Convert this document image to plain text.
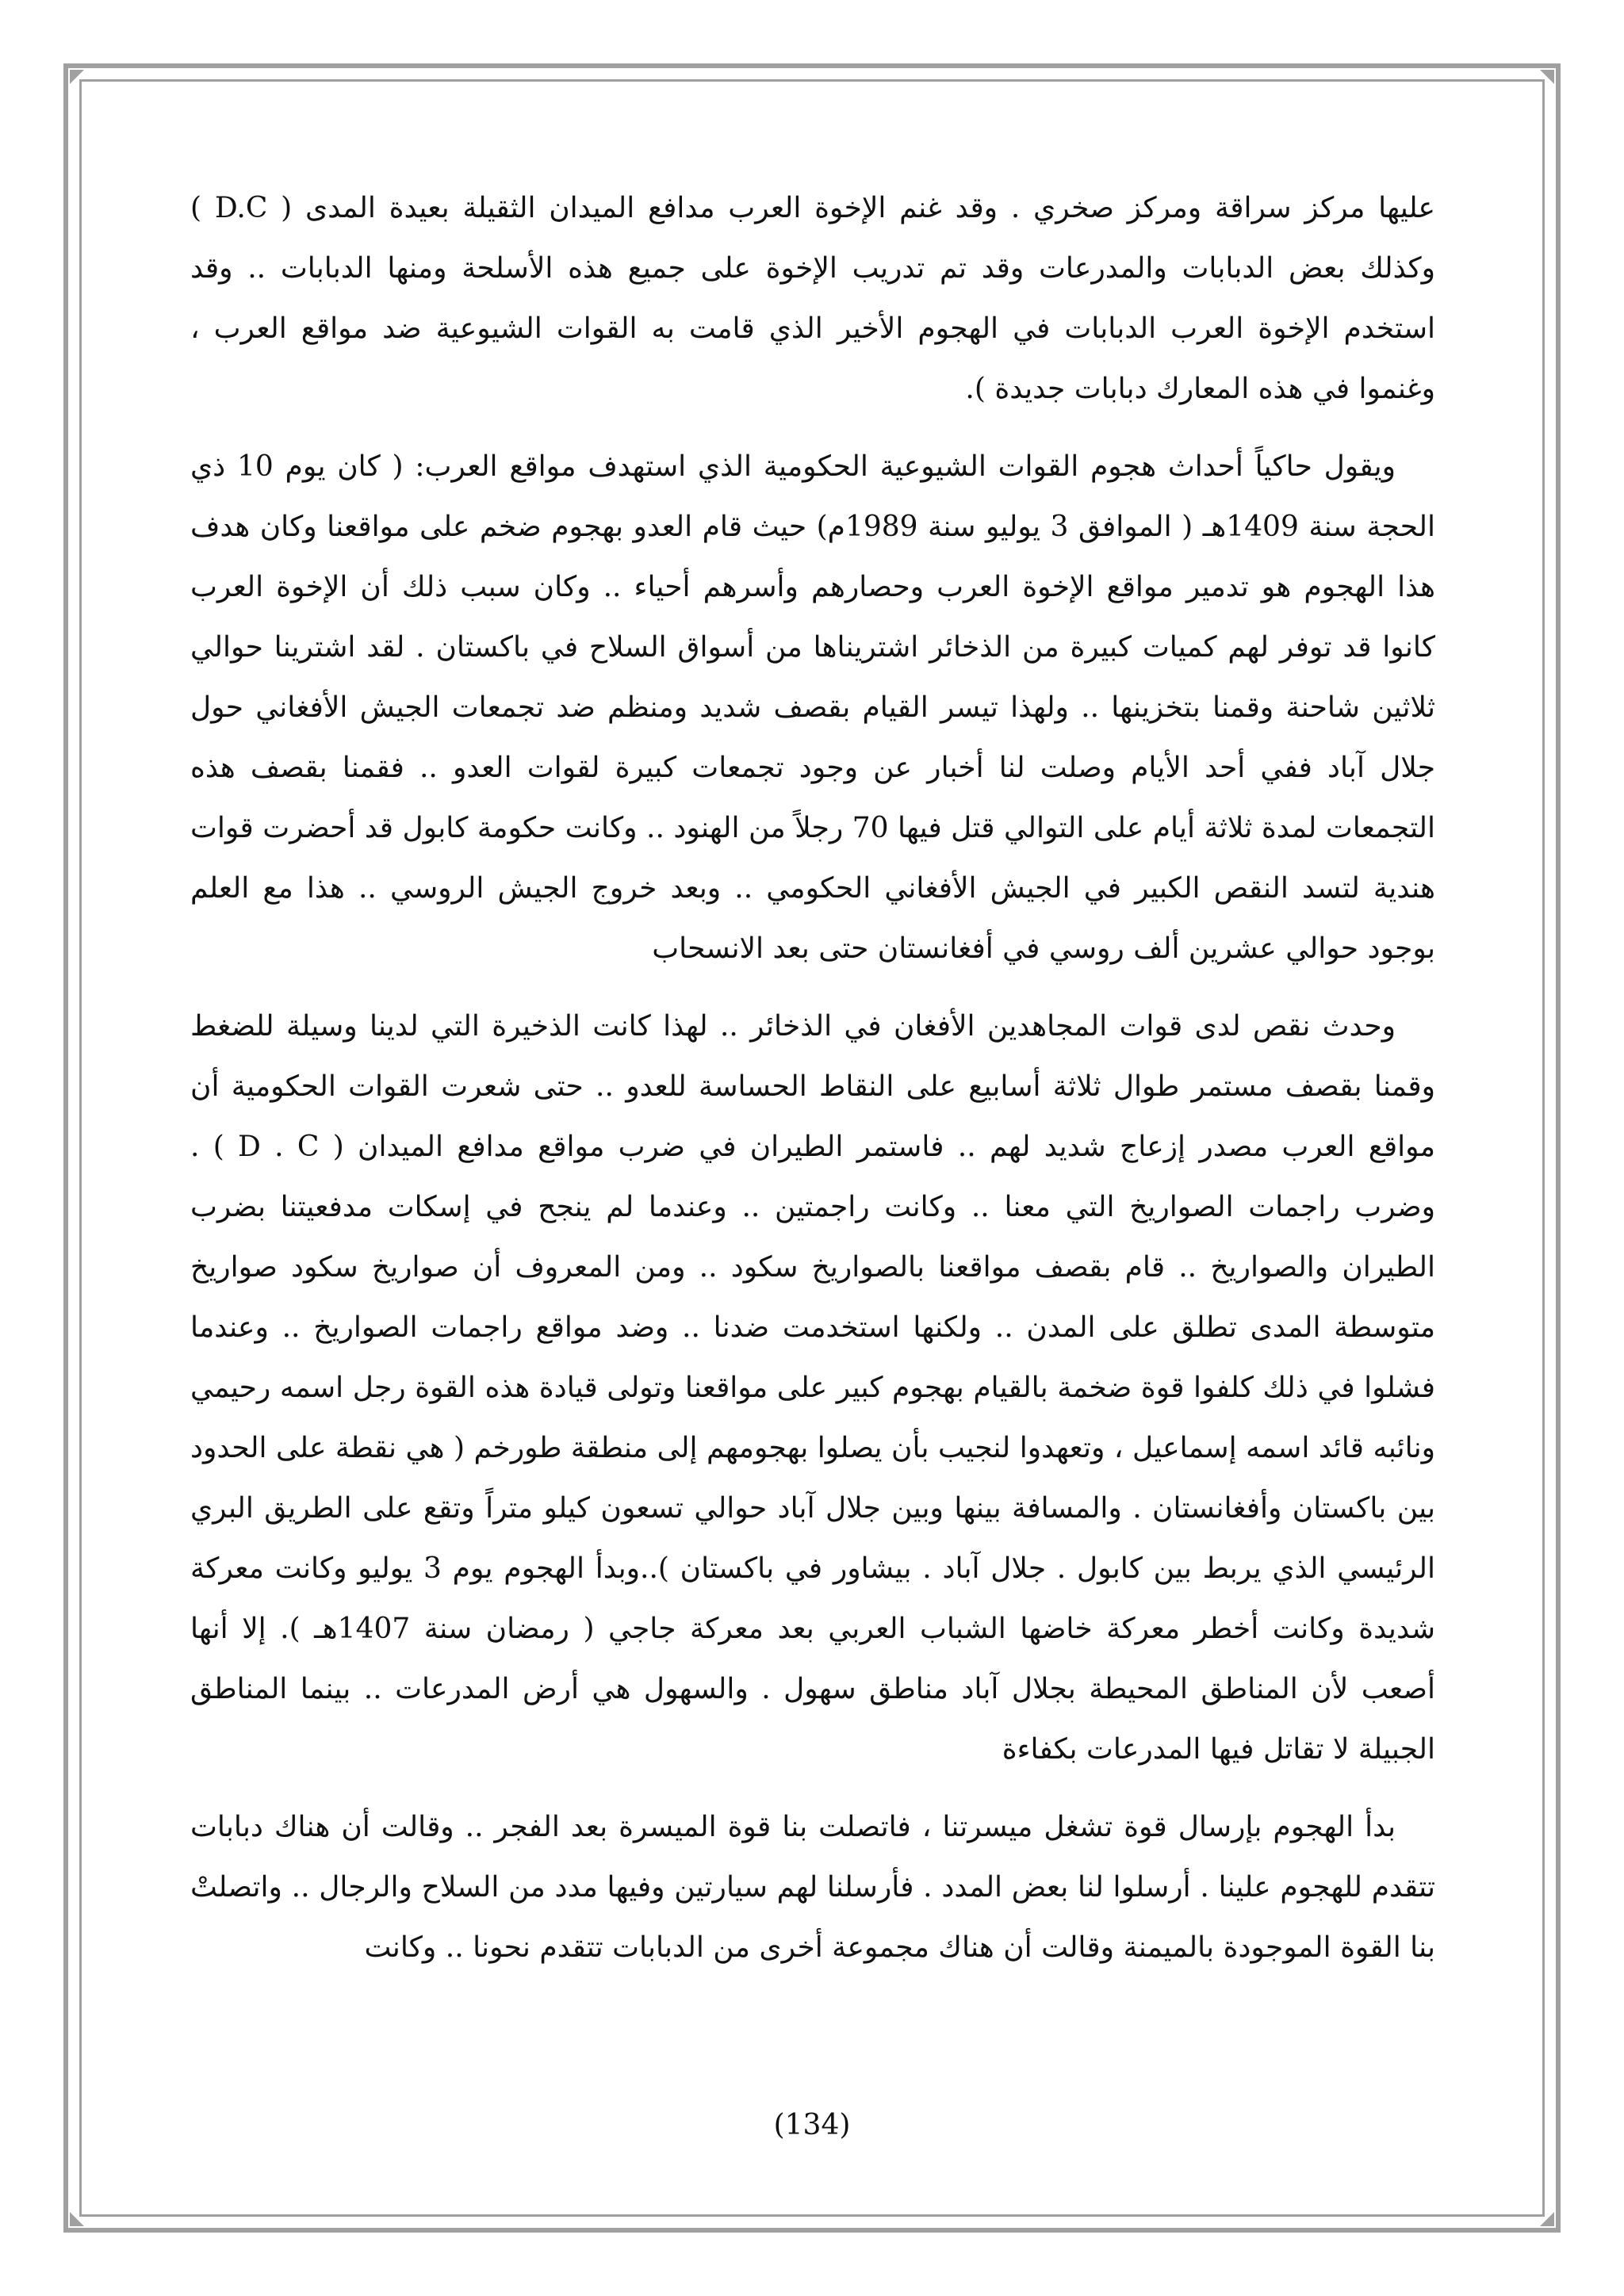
عليها مركز سراقة ومركز صخري . وقد غنم الإخوة العرب مدافع الميدان الثقيلة بعيدة المدى ( D.C ) وكذلك بعض الدبابات والمدرعات وقد تم تدريب الإخوة على جميع هذه الأسلحة ومنها الدبابات .. وقد استخدم الإخوة العرب الدبابات في الهجوم الأخير الذي قامت به القوات الشيوعية ضد مواقع العرب ، وغنموا في هذه المعارك دبابات جديدة ).

ويقول حاكياً أحداث هجوم القوات الشيوعية الحكومية الذي استهدف مواقع العرب: ( كان يوم 10 ذي الحجة سنة 1409هـ ( الموافق 3 يوليو سنة 1989م) حيث قام العدو بهجوم ضخم على مواقعنا وكان هدف هذا الهجوم هو تدمير مواقع الإخوة العرب وحصارهم وأسرهم أحياء .. وكان سبب ذلك أن الإخوة العرب كانوا قد توفر لهم كميات كبيرة من الذخائر اشتريناها من أسواق السلاح في باكستان . لقد اشترينا حوالي ثلاثين شاحنة وقمنا بتخزينها .. ولهذا تيسر القيام بقصف شديد ومنظم ضد تجمعات الجيش الأفغاني حول جلال آباد ففي أحد الأيام وصلت لنا أخبار عن وجود تجمعات كبيرة لقوات العدو .. فقمنا بقصف هذه التجمعات لمدة ثلاثة أيام على التوالي قتل فيها 70 رجلاً من الهنود .. وكانت حكومة كابول قد أحضرت قوات هندية لتسد النقص الكبير في الجيش الأفغاني الحكومي .. وبعد خروج الجيش الروسي .. هذا مع العلم بوجود حوالي عشرين ألف روسي في أفغانستان حتى بعد الانسحاب

وحدث نقص لدى قوات المجاهدين الأفغان في الذخائر .. لهذا كانت الذخيرة التي لدينا وسيلة للضغط وقمنا بقصف مستمر طوال ثلاثة أسابيع على النقاط الحساسة للعدو .. حتى شعرت القوات الحكومية أن مواقع العرب مصدر إزعاج شديد لهم .. فاستمر الطيران في ضرب مواقع مدافع الميدان ( D . C ) . وضرب راجمات الصواريخ التي معنا .. وكانت راجمتين .. وعندما لم ينجح في إسكات مدفعيتنا بضرب الطيران والصواريخ .. قام بقصف مواقعنا بالصواريخ سكود .. ومن المعروف أن صواريخ سكود صواريخ متوسطة المدى تطلق على المدن .. ولكنها استخدمت ضدنا .. وضد مواقع راجمات الصواريخ .. وعندما فشلوا في ذلك كلفوا قوة ضخمة بالقيام بهجوم كبير على مواقعنا وتولى قيادة هذه القوة رجل اسمه رحيمي ونائبه قائد اسمه إسماعيل ، وتعهدوا لنجيب بأن يصلوا بهجومهم إلى منطقة طورخم ( هي نقطة على الحدود بين باكستان وأفغانستان . والمسافة بينها وبين جلال آباد حوالي تسعون كيلو متراً وتقع على الطريق البري الرئيسي الذي يربط بين كابول . جلال آباد . بيشاور في باكستان )..وبدأ الهجوم يوم 3 يوليو وكانت معركة شديدة وكانت أخطر معركة خاضها الشباب العربي بعد معركة جاجي ( رمضان سنة 1407هـ ). إلا أنها أصعب لأن المناطق المحيطة بجلال آباد مناطق سهول . والسهول هي أرض المدرعات .. بينما المناطق الجبيلة لا تقاتل فيها المدرعات بكفاءة

بدأ الهجوم بإرسال قوة تشغل ميسرتنا ، فاتصلت بنا قوة الميسرة بعد الفجر .. وقالت أن هناك دبابات تتقدم للهجوم علينا . أرسلوا لنا بعض المدد . فأرسلنا لهم سيارتين وفيها مدد من السلاح والرجال .. واتصلتْ بنا القوة الموجودة بالميمنة وقالت أن هناك مجموعة أخرى من الدبابات تتقدم نحونا .. وكانت

(134)
